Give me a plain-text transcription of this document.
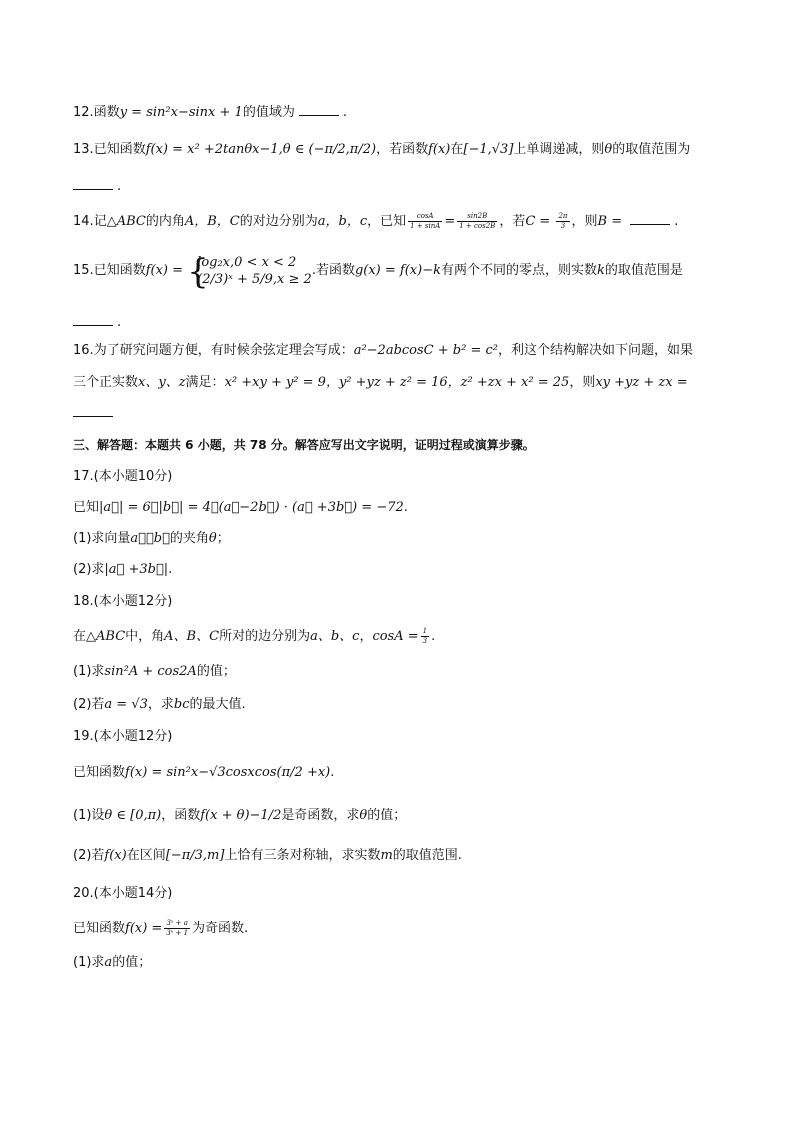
12.函数y = sin²x−sinx + 1的值域为	.
13.已知函数f(x) = x² +2tanθx−1,θ ∈ (−π/2,π/2)，若函数f(x)在[−1,√3]上单调递减，则θ的取值范围为
.
14.记△ABC的内角A，B，C的对边分别为a，b，c，已知 $\frac{\cos A}{1 + \sin A} = \frac{\sin 2B}{1 + \cos 2B}$ ，若$C = \frac{2\pi}{3}$ ，则B =	.
15.已知函数f(x) = {
log₂x,0 < x < 2
(2/3)ˣ + 5/9,x ≥ 2
.若函数g(x) = f(x)−k有两个不同的零点，则实数k的取值范围是
.
16.为了研究问题方便，有时候余弦定理会写成：a²−2abcosC + b² = c²，利这个结构解决如下问题，如果
三个正实数x、y、z满足：x² +xy + y² = 9，y² +yz + z² = 16，z² +zx + x² = 25，则xy +yz + zx =
三、解答题：本题共 6 小题，共 78 分。解答应写出文字说明，证明过程或演算步骤。
17.(本小题10分)
已知|a⃗| = 6，|b⃗| = 4，(a⃗−2b⃗) · (a⃗ +3b⃗) = −72.
(1)求向量a⃗，b⃗的夹角θ；
(2)求|a⃗ +3b⃗|.
18.(本小题12分)
在△ABC中，角A、B、C所对的边分别为a、b、c，$\cos A = \frac{1}{3}$ .
(1)求sin²A + cos2A的值；
(2)若a = √3，求bc的最大值.
19.(本小题12分)
已知函数f(x) = sin²x−√3cosxcos(π/2 +x).
(1)设θ ∈ [0,π)，函数f(x + θ)−1/2是奇函数，求θ的值；
(2)若f(x)在区间[−π/3,m]上恰有三条对称轴，求实数m的取值范围.
20.(本小题14分)
已知函数$f(x) = \frac{\text{3ˣ + a}}{\text{3ˣ + 1}}$ 为奇函数.
(1)求a的值；
